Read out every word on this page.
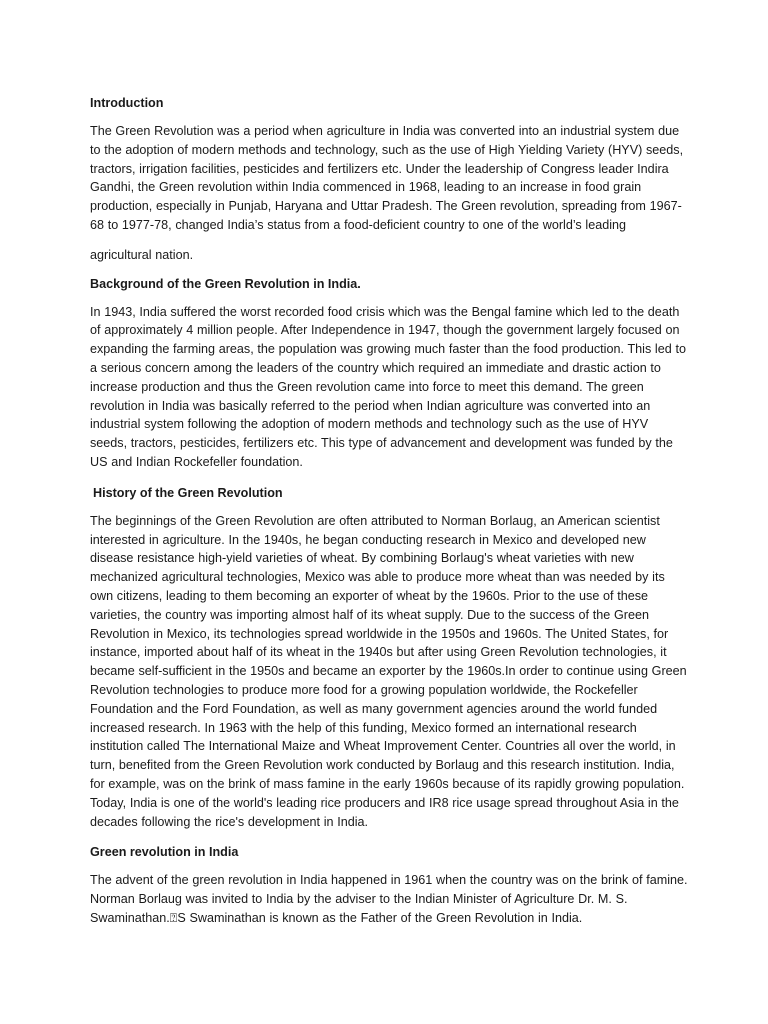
Introduction
The Green Revolution was a period when agriculture in India was converted into an industrial system due to the adoption of modern methods and technology, such as the use of High Yielding Variety (HYV) seeds, tractors, irrigation facilities, pesticides and fertilizers etc. Under the leadership of Congress leader Indira Gandhi, the Green revolution within India commenced in 1968, leading to an increase in food grain production, especially in Punjab, Haryana and Uttar Pradesh. The Green revolution, spreading from 1967-68 to 1977-78, changed India’s status from a food-deficient country to one of the world’s leading
agricultural nation.
Background of the Green Revolution in India.
In 1943, India suffered the worst recorded food crisis which was the Bengal famine which led to the death of approximately 4 million people. After Independence in 1947, though the government largely focused on expanding the farming areas, the population was growing much faster than the food production. This led to a serious concern among the leaders of the country which required an immediate and drastic action to increase production and thus the Green revolution came into force to meet this demand. The green revolution in India was basically referred to the period when Indian agriculture was converted into an industrial system following the adoption of modern methods and technology such as the use of HYV seeds, tractors, pesticides, fertilizers etc. This type of advancement and development was funded by the US and Indian Rockefeller foundation.
History of the Green Revolution
The beginnings of the Green Revolution are often attributed to Norman Borlaug, an American scientist interested in agriculture. In the 1940s, he began conducting research in Mexico and developed new disease resistance high-yield varieties of wheat. By combining Borlaug's wheat varieties with new mechanized agricultural technologies, Mexico was able to produce more wheat than was needed by its own citizens, leading to them becoming an exporter of wheat by the 1960s. Prior to the use of these varieties, the country was importing almost half of its wheat supply. Due to the success of the Green Revolution in Mexico, its technologies spread worldwide in the 1950s and 1960s. The United States, for instance, imported about half of its wheat in the 1940s but after using Green Revolution technologies, it became self-sufficient in the 1950s and became an exporter by the 1960s.In order to continue using Green Revolution technologies to produce more food for a growing population worldwide, the Rockefeller Foundation and the Ford Foundation, as well as many government agencies around the world funded increased research. In 1963 with the help of this funding, Mexico formed an international research institution called The International Maize and Wheat Improvement Center. Countries all over the world, in turn, benefited from the Green Revolution work conducted by Borlaug and this research institution. India, for example, was on the brink of mass famine in the early 1960s because of its rapidly growing population. Today, India is one of the world's leading rice producers and IR8 rice usage spread throughout Asia in the decades following the rice's development in India.
Green revolution in India
The advent of the green revolution in India happened in 1961 when the country was on the brink of famine. Norman Borlaug was invited to India by the adviser to the Indian Minister of Agriculture Dr. M. S. Swaminathan.⍰S Swaminathan is known as the Father of the Green Revolution in India.
